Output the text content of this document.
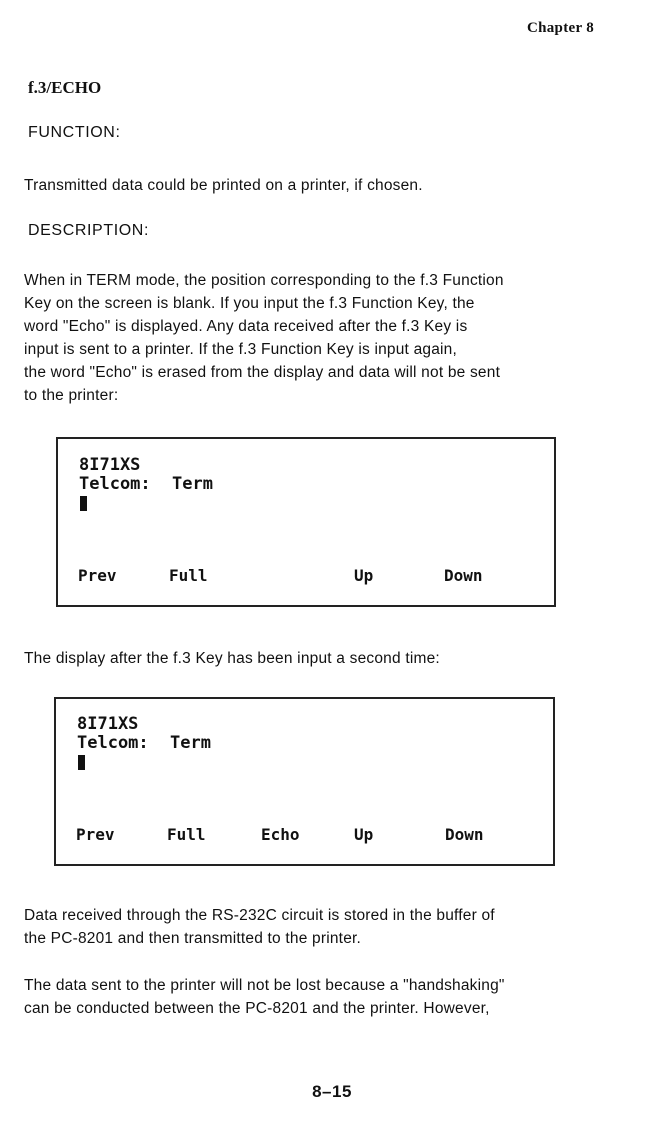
Chapter 8
f.3/ECHO
FUNCTION:
Transmitted data could be printed on a printer, if chosen.
DESCRIPTION:

When in TERM mode, the position corresponding to the f.3 Function

Key on the screen is blank. If you input the f.3 Function Key, the

word "Echo" is displayed. Any data received after the f.3 Key is

input is sent to a printer. If the f.3 Function Key is input again,

the word "Echo" is erased from the display and data will not be sent

to the printer:

8I71XS
Telcom: Term
Prev	Full	Up	Down
The display after the f.3 Key has been input a second time:
8I71XS
Telcom: Term
Prev	Full	Echo	Up	Down

Data received through the RS-232C circuit is stored in the buffer of

the PC-8201 and then transmitted to the printer.

The data sent to the printer will not be lost because a "handshaking"

can be conducted between the PC-8201 and the printer. However,

8–15
